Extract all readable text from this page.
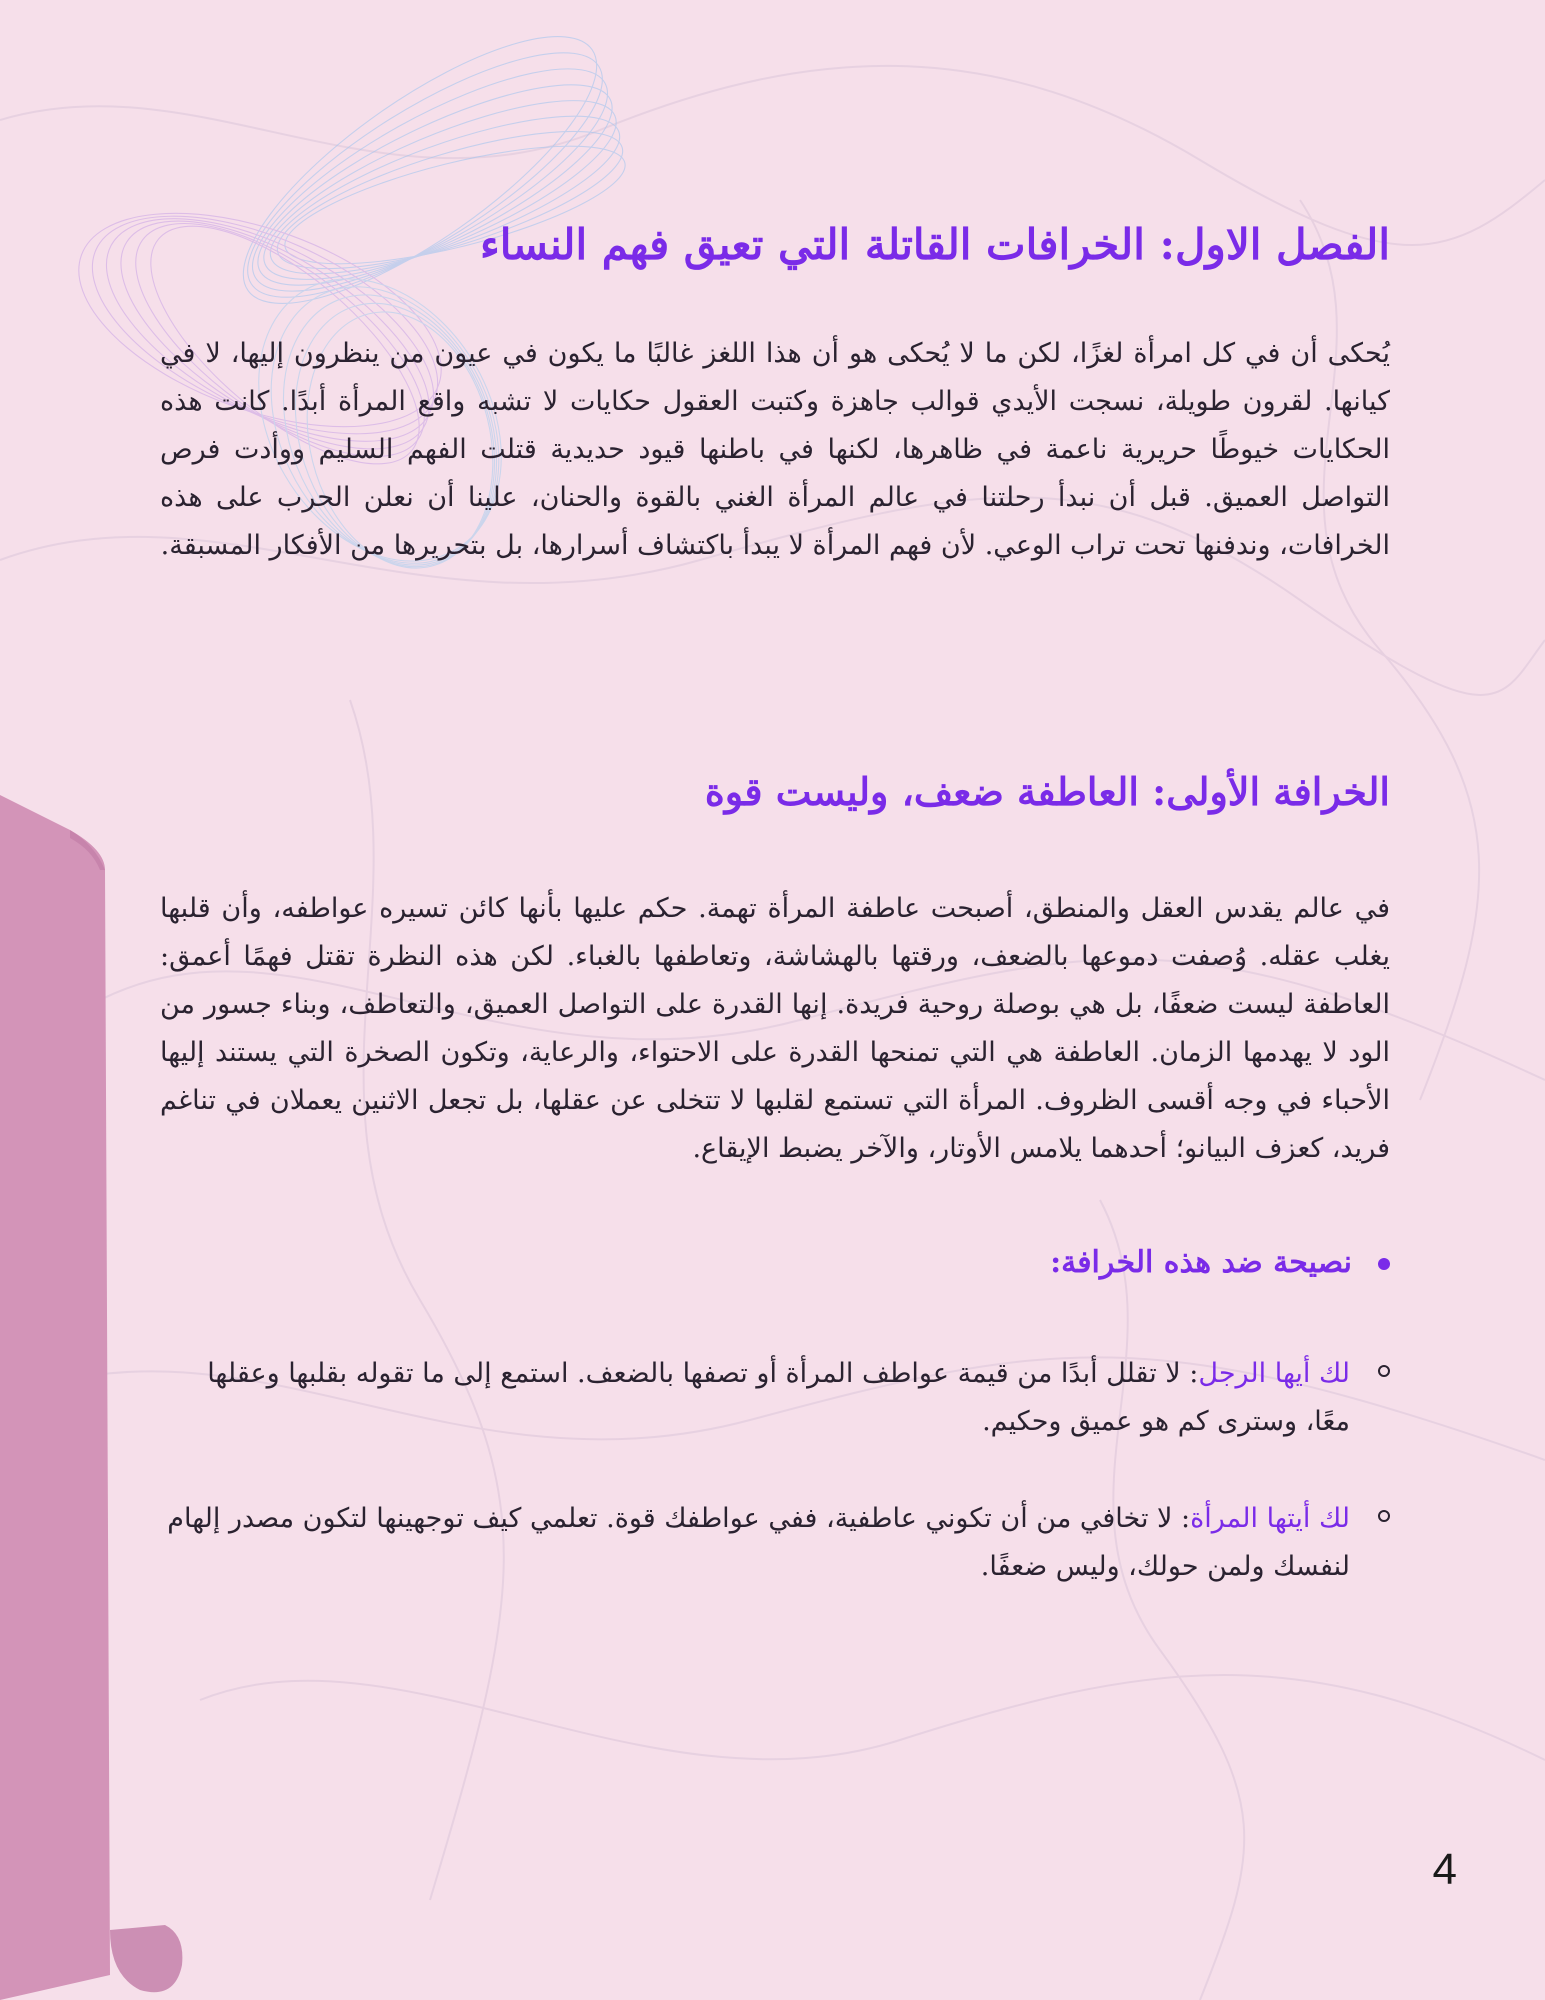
الفصل الاول: الخرافات القاتلة التي تعيق فهم النساء

يُحكى أن في كل امرأة لغزًا، لكن ما لا يُحكى هو أن هذا اللغز غالبًا ما يكون في عيون من ينظرون إليها، لا في كيانها. لقرون طويلة، نسجت الأيدي قوالب جاهزة وكتبت العقول حكايات لا تشبه واقع المرأة أبدًا. كانت هذه الحكايات خيوطًا حريرية ناعمة في ظاهرها، لكنها في باطنها قيود حديدية قتلت الفهم السليم ووأدت فرص التواصل العميق. قبل أن نبدأ رحلتنا في عالم المرأة الغني بالقوة والحنان، علينا أن نعلن الحرب على هذه الخرافات، وندفنها تحت تراب الوعي. لأن فهم المرأة لا يبدأ باكتشاف أسرارها، بل بتحريرها من الأفكار المسبقة.

الخرافة الأولى: العاطفة ضعف، وليست قوة

في عالم يقدس العقل والمنطق، أصبحت عاطفة المرأة تهمة. حكم عليها بأنها كائن تسيره عواطفه، وأن قلبها يغلب عقله. وُصفت دموعها بالضعف، ورقتها بالهشاشة، وتعاطفها بالغباء. لكن هذه النظرة تقتل فهمًا أعمق: العاطفة ليست ضعفًا، بل هي بوصلة روحية فريدة. إنها القدرة على التواصل العميق، والتعاطف، وبناء جسور من الود لا يهدمها الزمان. العاطفة هي التي تمنحها القدرة على الاحتواء، والرعاية، وتكون الصخرة التي يستند إليها الأحباء في وجه أقسى الظروف. المرأة التي تستمع لقلبها لا تتخلى عن عقلها، بل تجعل الاثنين يعملان في تناغم فريد، كعزف البيانو؛ أحدهما يلامس الأوتار، والآخر يضبط الإيقاع.

نصيحة ضد هذه الخرافة:
لك أيها الرجل: لا تقلل أبدًا من قيمة عواطف المرأة أو تصفها بالضعف. استمع إلى ما تقوله بقلبها وعقلها معًا، وسترى كم هو عميق وحكيم.
لك أيتها المرأة: لا تخافي من أن تكوني عاطفية، ففي عواطفك قوة. تعلمي كيف توجهينها لتكون مصدر إلهام لنفسك ولمن حولك، وليس ضعفًا.
4
